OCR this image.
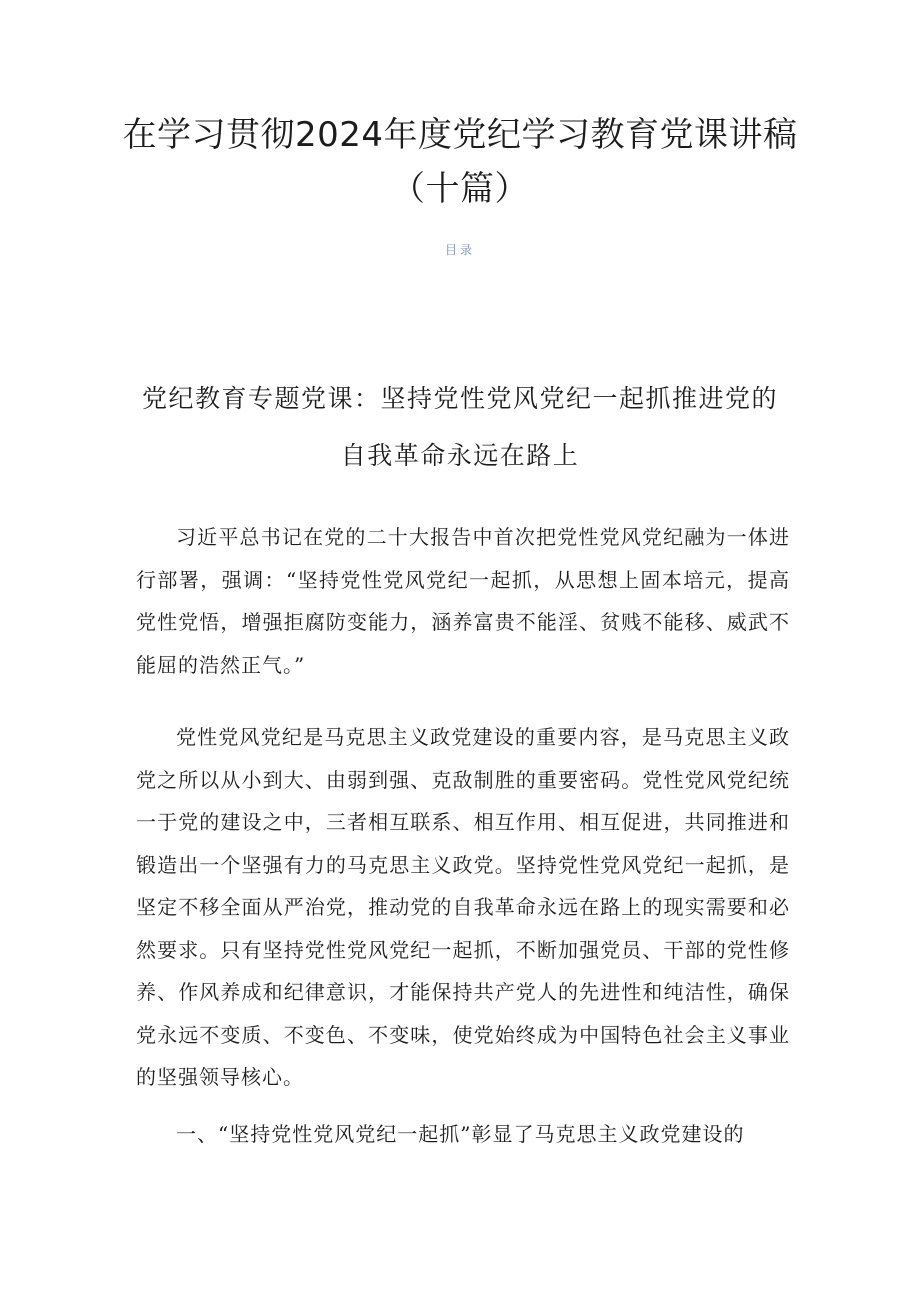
在学习贯彻2024年度党纪学习教育党课讲稿（十篇）
目录
党纪教育专题党课：坚持党性党风党纪一起抓推进党的自我革命永远在路上

习近平总书记在党的二十大报告中首次把党性党风党纪融为一体进行部署，强调：“坚持党性党风党纪一起抓，从思想上固本培元，提高党性党悟，增强拒腐防变能力，涵养富贵不能淫、贫贱不能移、威武不能屈的浩然正气。”

党性党风党纪是马克思主义政党建设的重要内容，是马克思主义政党之所以从小到大、由弱到强、克敌制胜的重要密码。党性党风党纪统一于党的建设之中，三者相互联系、相互作用、相互促进，共同推进和锻造出一个坚强有力的马克思主义政党。坚持党性党风党纪一起抓，是坚定不移全面从严治党，推动党的自我革命永远在路上的现实需要和必然要求。只有坚持党性党风党纪一起抓，不断加强党员、干部的党性修养、作风养成和纪律意识，才能保持共产党人的先进性和纯洁性，确保党永远不变质、不变色、不变味，使党始终成为中国特色社会主义事业的坚强领导核心。

一、“坚持党性党风党纪一起抓”彰显了马克思主义政党建设的
